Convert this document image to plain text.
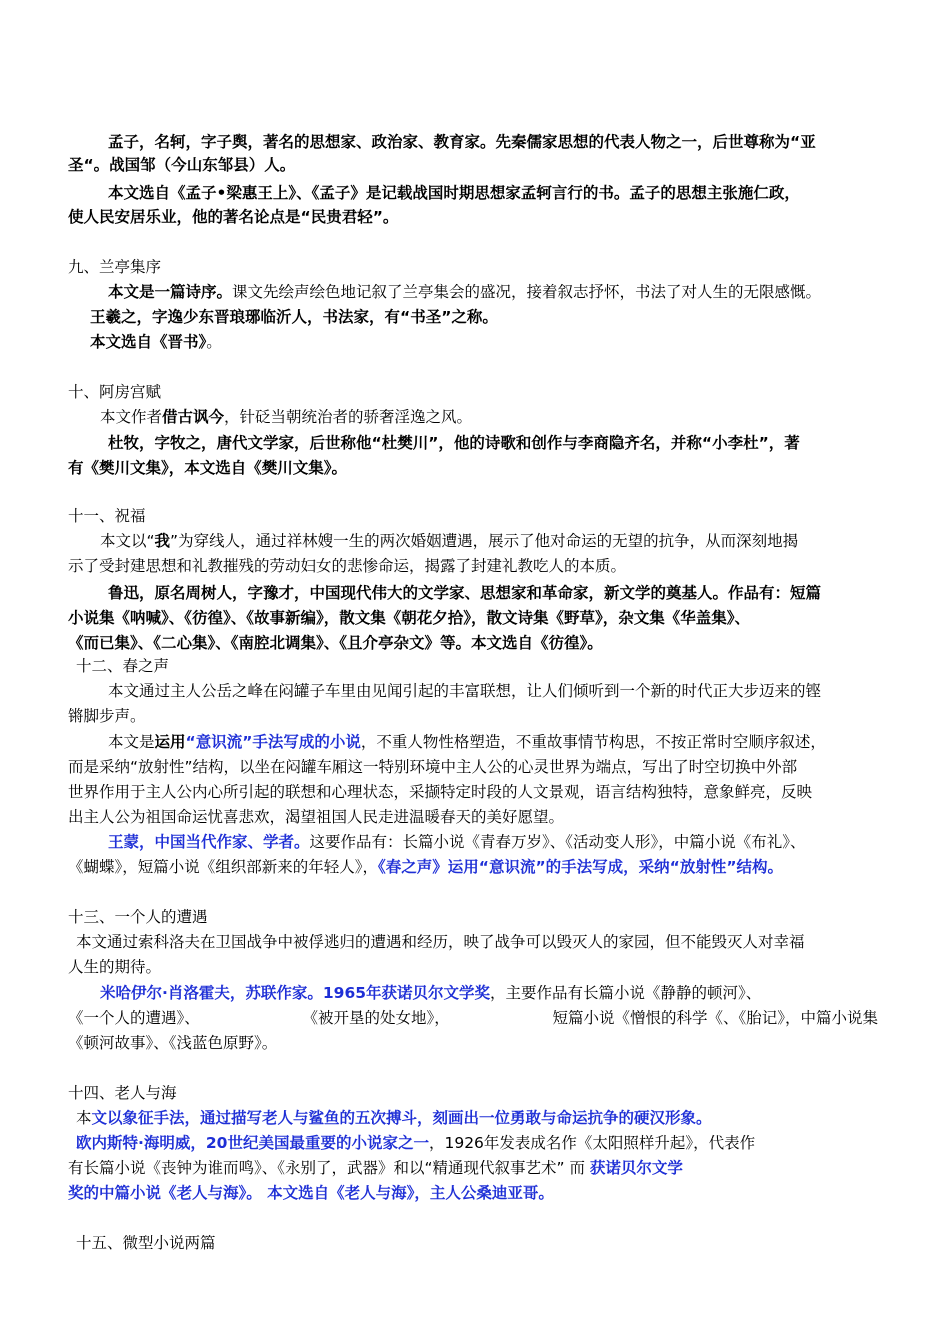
孟子，名轲，字子舆，著名的思想家、政治家、教育家。先秦儒家思想的代表人物之一，后世尊称为“亚
圣“。战国邹（今山东邹县）人。
本文选自《孟子•梁惠王上》、《孟子》是记载战国时期思想家孟轲言行的书。孟子的思想主张施仁政，
使人民安居乐业，他的著名论点是“民贵君轻”。
九、兰亭集序
本文是一篇诗序。课文先绘声绘色地记叙了兰亭集会的盛况，接着叙志抒怀，书法了对人生的无限感慨。
王羲之，字逸少东晋琅琊临沂人，书法家，有“书圣”之称。
本文选自《晋书》。
十、阿房宫赋
本文作者借古讽今，针砭当朝统治者的骄奢淫逸之风。
杜牧，字牧之，唐代文学家，后世称他“杜樊川”，他的诗歌和创作与李商隐齐名，并称“小李杜”，著
有《樊川文集》，本文选自《樊川文集》。
十一、祝福
本文以“我”为穿线人，通过祥林嫂一生的两次婚姻遭遇，展示了他对命运的无望的抗争，从而深刻地揭
示了受封建思想和礼教摧残的劳动妇女的悲惨命运，揭露了封建礼教吃人的本质。
鲁迅，原名周树人，字豫才，中国现代伟大的文学家、思想家和革命家，新文学的奠基人。作品有：短篇
小说集《呐喊》、《彷徨》、《故事新编》，散文集《朝花夕拾》，散文诗集《野草》，杂文集《华盖集》、
《而已集》、《二心集》、《南腔北调集》、《且介亭杂文》等。本文选自《彷徨》。
十二、春之声
本文通过主人公岳之峰在闷罐子车里由见闻引起的丰富联想，让人们倾听到一个新的时代正大步迈来的铿
锵脚步声。
本文是运用“意识流”手法写成的小说，不重人物性格塑造，不重故事情节构思，不按正常时空顺序叙述，
而是采纳“放射性”结构，以坐在闷罐车厢这一特别环境中主人公的心灵世界为端点，写出了时空切换中外部
世界作用于主人公内心所引起的联想和心理状态，采撷特定时段的人文景观，语言结构独特，意象鲜亮，反映
出主人公为祖国命运忧喜悲欢，渴望祖国人民走进温暖春天的美好愿望。
王蒙，中国当代作家、学者。这要作品有：长篇小说《青春万岁》、《活动变人形》，中篇小说《布礼》、
《蝴蝶》，短篇小说《组织部新来的年轻人》，《春之声》运用“意识流”的手法写成，采纳“放射性”结构。
十三、一个人的遭遇
本文通过索科洛夫在卫国战争中被俘逃归的遭遇和经历，映了战争可以毁灭人的家园，但不能毁灭人对幸福
人生的期待。
米哈伊尔·肖洛霍夫，苏联作家。1965年获诺贝尔文学奖，主要作品有长篇小说《静静的顿河》、
《一个人的遭遇》、	《被开垦的处女地》，	短篇小说《憎恨的科学《、《胎记》，中篇小说集
《顿河故事》、《浅蓝色原野》。
十四、老人与海
本文以象征手法，通过描写老人与鲨鱼的五次搏斗，刻画出一位勇敢与命运抗争的硬汉形象。
欧内斯特·海明威，20世纪美国最重要的小说家之一，1926年发表成名作《太阳照样升起》，代表作
有长篇小说《丧钟为谁而鸣》、《永别了，武器》和以“精通现代叙事艺术” 而 获诺贝尔文学
奖的中篇小说《老人与海》。 本文选自《老人与海》，主人公桑迪亚哥。
十五、微型小说两篇
